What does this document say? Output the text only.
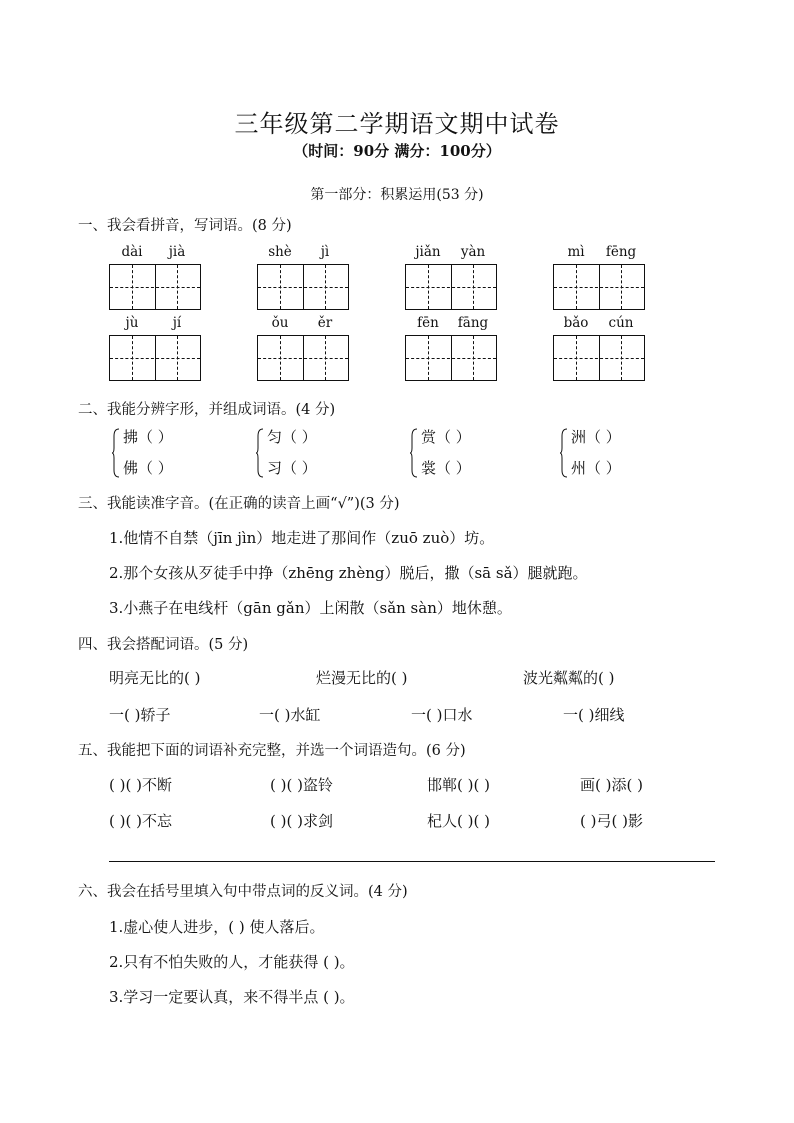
三年级第二学期语文期中试卷
（时间：90分 满分：100分）
第一部分：积累运用(53 分)
一、我会看拼音，写词语。(8 分)
dài	jià	shè	jì	jiǎn	yàn	mì	fēng
jù	jí	ǒu	ěr	fēn	fāng	bǎo	cún
二、我能分辨字形，并组成词语。(4 分)
拂（ ）
佛（ ）
匀（ ）
习（ ）
赏（ ）
裳（ ）
洲（ ）
州（ ）
三、我能读准字音。(在正确的读音上画“√”)(3 分)
1.他情不自禁（jīn jìn）地走进了那间作（zuō zuò）坊。
2.那个女孩从歹徒手中挣（zhēng zhèng）脱后，撒（sā sǎ）腿就跑。
3.小燕子在电线杆（gān gǎn）上闲散（sǎn sàn）地休憩。
四、我会搭配词语。(5 分)
明亮无比的( )	烂漫无比的( )	波光粼粼的( )
一( )轿子	一( )水缸	一( )口水	一( )细线
五、我能把下面的词语补充完整，并选一个词语造句。(6 分)
( )( )不断	( )( )盗铃	邯郸( )( )	画( )添( )
( )( )不忘	( )( )求剑	杞人( )( )	( )弓( )影
六、我会在括号里填入句中带点词的反义词。(4 分)
1.虚心使人进步，( ) 使人落后。
2.只有不怕失败的人，才能获得 ( )。
3.学习一定要认真，来不得半点 ( )。
